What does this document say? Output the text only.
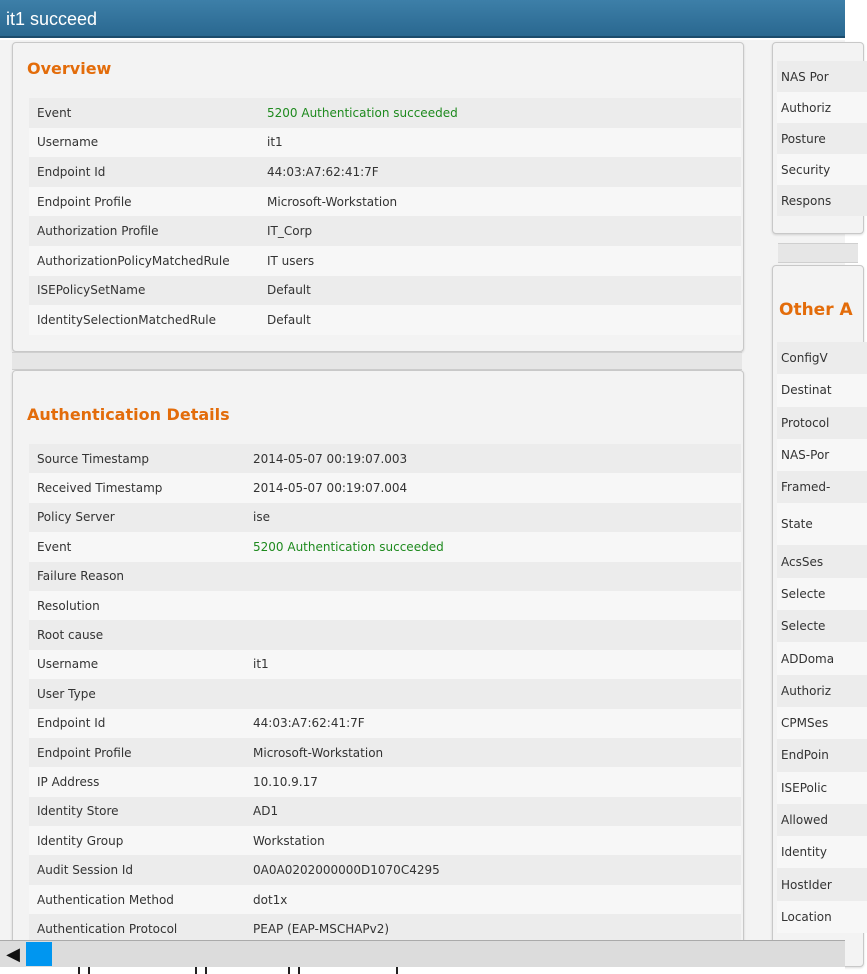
it1 succeed
Overview
Event	5200 Authentication succeeded
Username	it1
Endpoint Id	44:03:A7:62:41:7F
Endpoint Profile	Microsoft-Workstation
Authorization Profile	IT_Corp
AuthorizationPolicyMatchedRule	IT users
ISEPolicySetName	Default
IdentitySelectionMatchedRule	Default
Authentication Details
Source Timestamp	2014-05-07 00:19:07.003
Received Timestamp	2014-05-07 00:19:07.004
Policy Server	ise
Event	5200 Authentication succeeded
Failure Reason
Resolution
Root cause
Username	it1
User Type
Endpoint Id	44:03:A7:62:41:7F
Endpoint Profile	Microsoft-Workstation
IP Address	10.10.9.17
Identity Store	AD1
Identity Group	Workstation
Audit Session Id	0A0A0202000000D1070C4295
Authentication Method	dot1x
Authentication Protocol	PEAP (EAP-MSCHAPv2)
NAS Por
Authoriz
Posture
Security
Respons
Other A
ConfigV
Destinat
Protocol
NAS-Por
Framed-
State
AcsSes
Selecte
Selecte
ADDoma
Authoriz
CPMSes
EndPoin
ISEPolic
Allowed
Identity
HostIder
Location
◀
